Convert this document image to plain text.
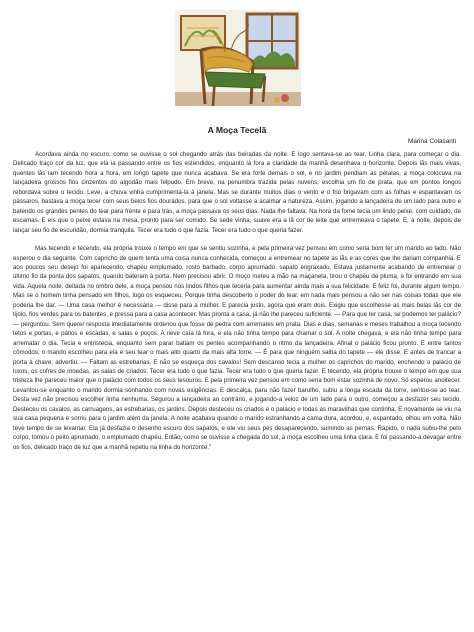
A Moça Tecelã
Marina Colasanti

Acordava ainda no escuro, como se ouvisse o sol chegando atrás das beiradas da noite. E logo sentava-se ao tear. Linha clara, para começar o dia. Delicado traço cor da luz, que ela ia passando entre os fios estendidos, enquanto lá fora a claridade da manhã desenhava o horizonte. Depois lãs mais vivas, quentes lãs iam tecendo hora a hora, em longo tapete que nunca acabava. Se era forte demais o sol, e no jardim pendiam as pétalas, a moça colocava na lançadeira grossos fios cinzentos do algodão mais felpudo. Em breve, na penumbra trazida pelas nuvens, escolhia um fio de prata, que em pontos longos rebordava sobre o tecido. Leve, a chuva vinha cumprimentá-la à janela. Mas se durante muitos dias o vento e o frio brigavam com as folhas e espantavam os pássaros, bastava a moça tecer com seus belos fios dourados, para que o sol voltasse a acalmar a natureza. Assim, jogando a lançadeira de um lado para outro e batendo os grandes pentes do tear para frente e para trás, a moça passava os seus dias. Nada lhe faltava. Na hora da fome tecia um lindo peixe, com cuidado, de escamas. E eis que o peixe estava na mesa, pronto para ser comido. Se sede vinha, suave era a lã cor de leite que entremeava o tapete. E, à noite, depois de lançar seu fio de escuridão, dormia tranquila. Tecer era tudo o que fazia. Tecer era tudo o que queria fazer.

Mas tecendo e tecendo, ela própria trouxe o tempo em que se sentiu sozinha, e pela primeira vez pensou em como seria bom ter um marido ao lado. Não esperou o dia seguinte. Com capricho de quem tenta uma coisa nunca conhecida, começou a entremear no tapete as lãs e as cores que lhe dariam companhia. E aos poucos seu desejo foi aparecendo, chapéu emplumado, rosto barbado, corpo aprumado, sapato engraxado. Estava justamente acabando de entremear o último fio da ponta dos sapatos, quando bateram à porta. Nem precisou abrir. O moço meteu a mão na maçaneta, tirou o chapéu de pluma, e foi entrando em sua vida. Aquela noite, deitada no ombro dele, a moça pensou nos lindos filhos que teceria para aumentar ainda mais a sua felicidade. E feliz foi, durante algum tempo. Mas se o homem tinha pensado em filhos, logo os esqueceu. Porque tinha descoberto o poder do tear, em nada mais pensou a não ser nas coisas todas que ele poderia lhe dar. — Uma casa melhor é necessária — disse para a mulher. E parecia justo, agora que eram dois. Exigiu que escolhesse as mais belas lãs cor de tijolo, fios verdes para os batentes, e pressa para a casa acontecer. Mas pronta a casa, já não lhe pareceu suficiente. — Para que ter casa, se podemos ter palácio? — perguntou. Sem querer resposta imediatamente ordenou que fosse de pedra com arremates em prata. Dias e dias, semanas e meses trabalhou a moça tecendo tetos e portas, e pátios e escadas, e salas e poços. A neve caía lá fora, e ela não tinha tempo para chamar o sol. A noite chegava, e ela não tinha tempo para arrematar o dia. Tecia e entristecia, enquanto sem parar batiam os pentes acompanhando o ritmo da lançadeira. Afinal o palácio ficou pronto. E entre tantos cômodos, o marido escolheu para ela e seu tear o mais alto quarto da mais alta torre. — É para que ninguém saiba do tapete — ele disse. E antes de trancar a porta à chave, advertiu: — Faltam as estrebarias. E não se esqueça dos cavalos! Sem descanso tecia a mulher os caprichos do marido, enchendo o palácio de luxos, os cofres de moedas, as salas de criados. Tecer era tudo o que fazia. Tecer era tudo o que queria fazer. E tecendo, ela própria trouxe o tempo em que sua tristeza lhe pareceu maior que o palácio com todos os seus tesouros. E pela primeira vez pensou em como seria bom estar sozinha de novo. Só esperou anoitecer. Levantou-se enquanto o marido dormia sonhando com novas exigências. E descalça, para não fazer barulho, subiu a longa escada da torre, sentou-se ao tear. Desta vez não precisou escolher linha nenhuma. Segurou a lançadeira ao contrário, e jogando-a veloz de um lado para o outro, começou a desfazer seu tecido. Desteceu os cavalos, as carruagens, as estrebarias, os jardins. Depois desteceu os criados e o palácio e todas as maravilhas que continha. E novamente se viu na sua casa pequena e sorriu para o jardim além da janela. A noite acabava quando o marido estranhando a cama dura, acordou, e, espantado, olhou em volta. Não teve tempo de se levantar. Ela já desfazia o desenho escuro dos sapatos, e ele viu seus pés desaparecendo, sumindo as pernas. Rápido, o nada subiu-lhe pelo corpo, tomou o peito aprumado, o emplumado chapéu. Então, como se ouvisse a chegada do sol, a moça escolheu uma linha clara. E foi passando-a devagar entre os fios, delicado traço de luz que a manhã repetiu na linha do horizonte."
